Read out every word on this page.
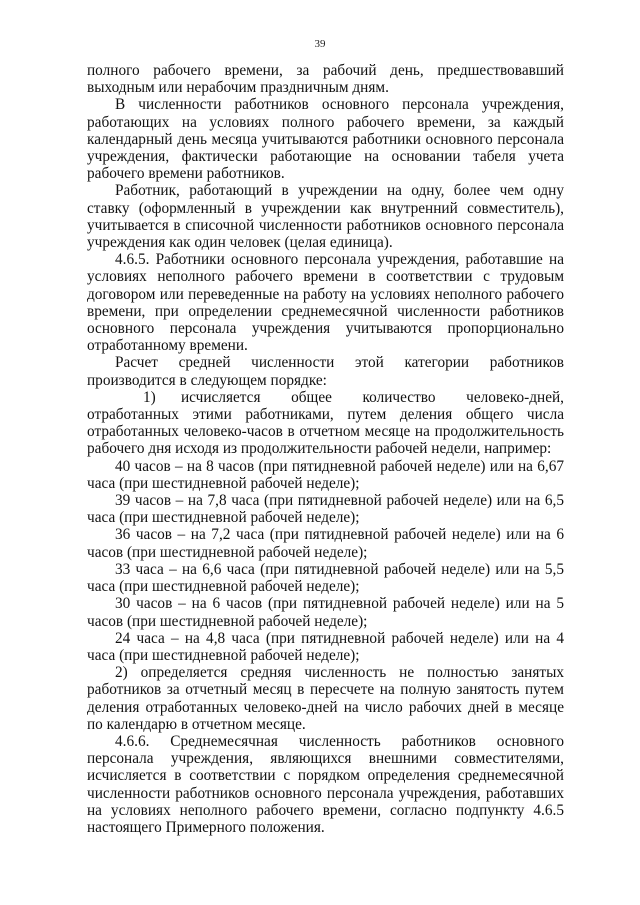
39

полного рабочего времени, за рабочий день, предшествовавший выходным или нерабочим праздничным дням.

В численности работников основного персонала учреждения, работающих на условиях полного рабочего времени, за каждый календарный день месяца учитываются работники основного персонала учреждения, фактически работающие на основании табеля учета рабочего времени работников.

Работник, работающий в учреждении на одну, более чем одну ставку (оформленный в учреждении как внутренний совместитель), учитывается в списочной численности работников основного персонала учреждения как один человек (целая единица).

4.6.5. Работники основного персонала учреждения, работавшие на условиях неполного рабочего времени в соответствии с трудовым договором или переведенные на работу на условиях неполного рабочего времени, при определении среднемесячной численности работников основного персонала учреждения учитываются пропорционально отработанному времени.

Расчет средней численности этой категории работников производится в следующем порядке:

1) исчисляется общее количество человеко-дней, отработанных этими работниками, путем деления общего числа отработанных человеко-часов в отчетном месяце на продолжительность рабочего дня исходя из продолжительности рабочей недели, например:

40 часов – на 8 часов (при пятидневной рабочей неделе) или на 6,67 часа (при шестидневной рабочей неделе);

39 часов – на 7,8 часа (при пятидневной рабочей неделе) или на 6,5 часа (при шестидневной рабочей неделе);

36 часов – на 7,2 часа (при пятидневной рабочей неделе) или на 6 часов (при шестидневной рабочей неделе);

33 часа – на 6,6 часа (при пятидневной рабочей неделе) или на 5,5 часа (при шестидневной рабочей неделе);

30 часов – на 6 часов (при пятидневной рабочей неделе) или на 5 часов (при шестидневной рабочей неделе);

24 часа – на 4,8 часа (при пятидневной рабочей неделе) или на 4 часа (при шестидневной рабочей неделе);

2) определяется средняя численность не полностью занятых работников за отчетный месяц в пересчете на полную занятость путем деления отработанных человеко-дней на число рабочих дней в месяце по календарю в отчетном месяце.

4.6.6. Среднемесячная численность работников основного персонала учреждения, являющихся внешними совместителями, исчисляется в соответствии с порядком определения среднемесячной численности работников основного персонала учреждения, работавших на условиях неполного рабочего времени, согласно подпункту 4.6.5 настоящего Примерного положения.
